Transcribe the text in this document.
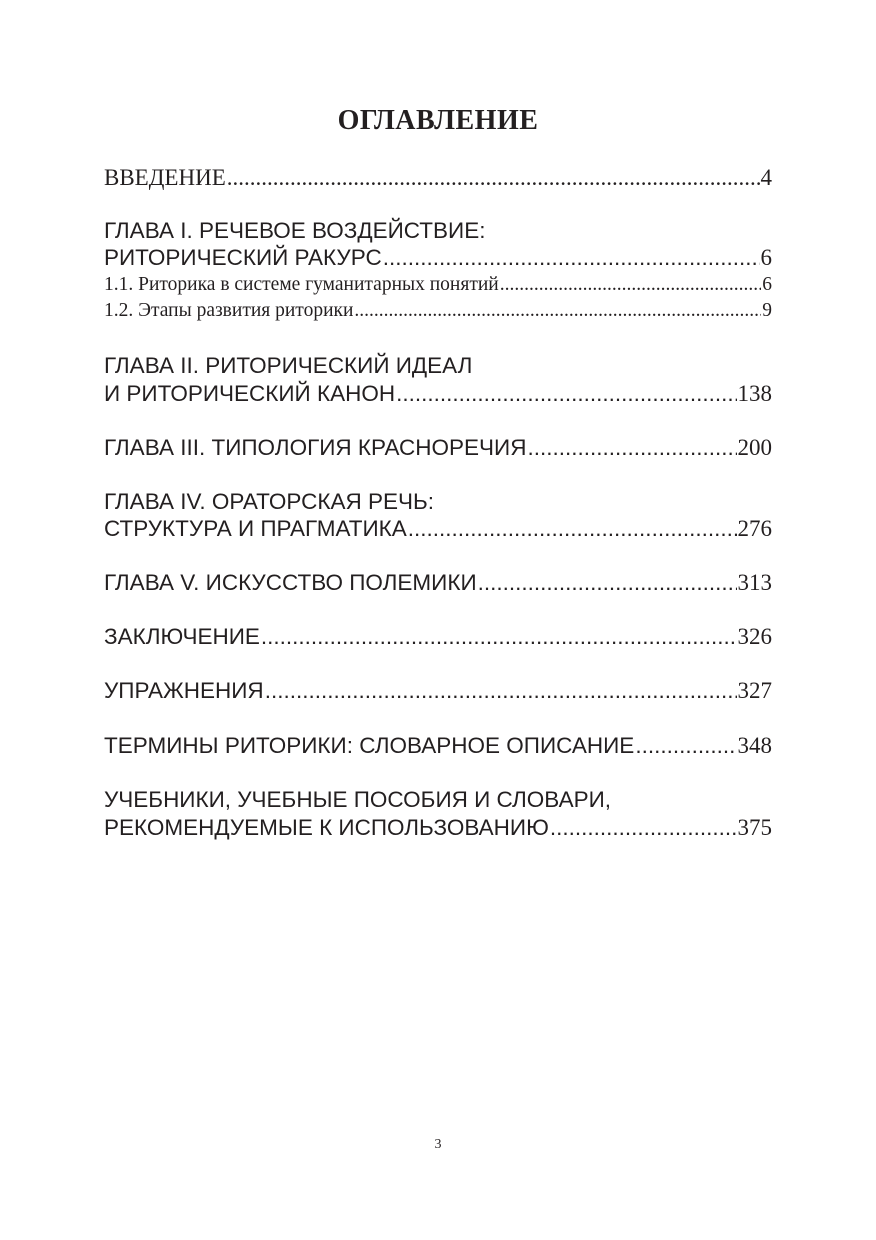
ОГЛАВЛЕНИЕ
ВВЕДЕНИЕ .....	4
ГЛАВА I. РЕЧЕВОЕ ВОЗДЕЙСТВИЕ:
РИТОРИЧЕСКИЙ РАКУРС .....	6
1.1. Риторика в системе гуманитарных понятий .....	6
1.2. Этапы развития риторики .....	9
ГЛАВА II. РИТОРИЧЕСКИЙ ИДЕАЛ
И РИТОРИЧЕСКИЙ КАНОН .....	138
ГЛАВА III. ТИПОЛОГИЯ КРАСНОРЕЧИЯ .....	200
ГЛАВА IV. ОРАТОРСКАЯ РЕЧЬ:
СТРУКТУРА И ПРАГМАТИКА .....	276
ГЛАВА V. ИСКУССТВО ПОЛЕМИКИ .....	313
ЗАКЛЮЧЕНИЕ .....	326
УПРАЖНЕНИЯ .....	327
ТЕРМИНЫ РИТОРИКИ: СЛОВАРНОЕ ОПИСАНИЕ .....	348
УЧЕБНИКИ, УЧЕБНЫЕ ПОСОБИЯ И СЛОВАРИ,
РЕКОМЕНДУЕМЫЕ К ИСПОЛЬЗОВАНИЮ .....	375
3
